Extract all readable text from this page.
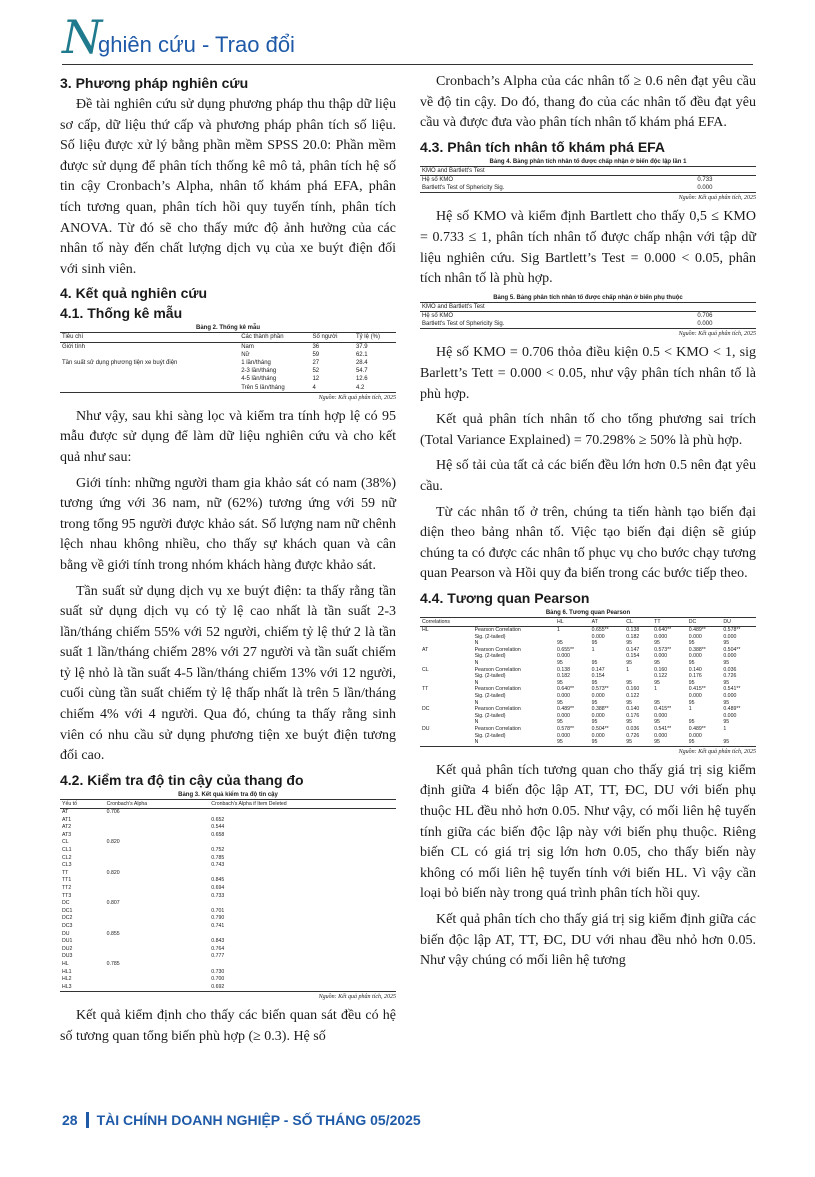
N
ghiên cứu - Trao đổi
3. Phương pháp nghiên cứu

Đề tài nghiên cứu sử dụng phương pháp thu thập dữ liệu sơ cấp, dữ liệu thứ cấp và phương pháp phân tích số liệu. Số liệu được xử lý bằng phần mềm SPSS 20.0: Phần mềm được sử dụng để phân tích thống kê mô tả, phân tích hệ số tin cậy Cronbach’s Alpha, nhân tố khám phá EFA, phân tích tương quan, phân tích hồi quy tuyến tính, phân tích ANOVA. Từ đó sẽ cho thấy mức độ ảnh hưởng của các nhân tố này đến chất lượng dịch vụ của xe buýt điện đối với sinh viên.

4. Kết quả nghiên cứu
4.1. Thống kê mẫu
Bảng 2. Thống kê mẫu
Tiêu chí	Các thành phần	Số người	Tỷ lệ (%)
Giới tính	Nam	36	37.9
	Nữ	59	62.1
Tần suất sử dụng phương tiện xe buýt điện	1 lần/tháng	27	28.4
	2-3 lần/tháng	52	54.7
	4-5 lần/tháng	12	12.6
	Trên 5 lần/tháng	4	4.2
Nguồn: Kết quả phân tích, 2025

Như vậy, sau khi sàng lọc và kiểm tra tính hợp lệ có 95 mẫu được sử dụng để làm dữ liệu nghiên cứu và cho kết quả như sau:

Giới tính: những người tham gia khảo sát có nam (38%) tương ứng với 36 nam, nữ (62%) tương ứng với 59 nữ trong tổng 95 người được khảo sát. Số lượng nam nữ chênh lệch nhau không nhiều, cho thấy sự khách quan và cân bằng về giới tính trong nhóm khách hàng được khảo sát.

Tần suất sử dụng dịch vụ xe buýt điện: ta thấy rằng tần suất sử dụng dịch vụ có tỷ lệ cao nhất là tần suất 2-3 lần/tháng chiếm 55% với 52 người, chiếm tỷ lệ thứ 2 là tần suất 1 lần/tháng chiếm 28% với 27 người và tần suất chiếm tỷ lệ nhỏ là tần suất 4-5 lần/tháng chiếm 13% với 12 người, cuối cùng tần suất chiếm tỷ lệ thấp nhất là trên 5 lần/tháng chiếm 4% với 4 người. Qua đó, chúng ta thấy rằng sinh viên có nhu cầu sử dụng phương tiện xe buýt điện tương đối cao.

4.2. Kiểm tra độ tin cậy của thang đo
Bảng 3. Kết quả kiểm tra độ tin cậy
Yếu tố	Cronbach's Alpha	Cronbach's Alpha if Item Deleted
AT	0.706	
AT1		0.652
AT2		0.544
AT3		0.658
CL	0.820	
CL1		0.752
CL2		0.785
CL3		0.743
TT	0.820	
TT1		0.845
TT2		0.694
TT3		0.733
DC	0.807	
DC1		0.701
DC2		0.790
DC3		0.741
DU	0.855	
DU1		0.843
DU2		0.764
DU3		0.777
HL	0.785	
HL1		0.730
HL2		0.700
HL3		0.692
Nguồn: Kết quả phân tích, 2025

Kết quả kiểm định cho thấy các biến quan sát đều có hệ số tương quan tổng biến phù hợp (≥ 0.3). Hệ số

Cronbach’s Alpha của các nhân tố ≥ 0.6 nên đạt yêu cầu về độ tin cậy. Do đó, thang đo của các nhân tố đều đạt yêu cầu và được đưa vào phân tích nhân tố khám phá EFA.

4.3. Phân tích nhân tố khám phá EFA
Bảng 4. Bảng phân tích nhân tố được chấp nhận ở biến độc lập lần 1
KMO and Bartlett's Test	
Hệ số KMO	0.733
Bartlett's Test of Sphericity Sig.	0.000
Nguồn: Kết quả phân tích, 2025

Hệ số KMO và kiểm định Bartlett cho thấy 0,5 ≤ KMO = 0.733 ≤ 1, phân tích nhân tố được chấp nhận với tập dữ liệu nghiên cứu. Sig Bartlett’s Test = 0.000 < 0.05, phân tích nhân tố là phù hợp.

Bảng 5. Bảng phân tích nhân tố được chấp nhận ở biến phụ thuộc
KMO and Bartlett's Test	
Hệ số KMO	0.706
Bartlett's Test of Sphericity Sig.	0.000
Nguồn: Kết quả phân tích, 2025

Hệ số KMO = 0.706 thỏa điều kiện 0.5 < KMO < 1, sig Barlett’s Tett = 0.000 < 0.05, như vậy phân tích nhân tố là phù hợp.

Kết quả phân tích nhân tố cho tổng phương sai trích (Total Variance Explained) = 70.298% ≥ 50% là phù hợp.

Hệ số tải của tất cả các biến đều lớn hơn 0.5 nên đạt yêu cầu.

Từ các nhân tố ở trên, chúng ta tiến hành tạo biến đại diện theo bảng nhân tố. Việc tạo biến đại diện sẽ giúp chúng ta có được các nhân tố phục vụ cho bước chạy tương quan Pearson và Hồi quy đa biến trong các bước tiếp theo.

4.4. Tương quan Pearson
Bảng 6. Tương quan Pearson
Correlations		HL	AT	CL	TT	DC	DU
HL	Pearson Correlation	1	0.655**	0.138	0.640**	0.489**	0.578**
	Sig. (2-tailed)		0.000	0.182	0.000	0.000	0.000
	N	95	95	95	95	95	95
AT	Pearson Correlation	0.655**	1	0.147	0.573**	0.388**	0.504**
	Sig. (2-tailed)	0.000		0.154	0.000	0.000	0.000
	N	95	95	95	95	95	95
CL	Pearson Correlation	0.138	0.147	1	0.160	0.140	0.036
	Sig. (2-tailed)	0.182	0.154		0.122	0.176	0.726
	N	95	95	95	95	95	95
TT	Pearson Correlation	0.640**	0.573**	0.160	1	0.415**	0.541**
	Sig. (2-tailed)	0.000	0.000	0.122		0.000	0.000
	N	95	95	95	95	95	95
DC	Pearson Correlation	0.489**	0.388**	0.140	0.415**	1	0.489**
	Sig. (2-tailed)	0.000	0.000	0.176	0.000		0.000
	N	95	95	95	95	95	95
DU	Pearson Correlation	0.578**	0.504**	0.036	0.541**	0.489**	1
	Sig. (2-tailed)	0.000	0.000	0.726	0.000	0.000	
	N	95	95	95	95	95	95
Nguồn: Kết quả phân tích, 2025

Kết quả phân tích tương quan cho thấy giá trị sig kiểm định giữa 4 biến độc lập AT, TT, ĐC, DU với biến phụ thuộc HL đều nhỏ hơn 0.05. Như vậy, có mối liên hệ tuyến tính giữa các biến độc lập này với biến phụ thuộc. Riêng biến CL có giá trị sig lớn hơn 0.05, cho thấy biến này không có mối liên hệ tuyến tính với biến HL. Vì vậy cần loại bỏ biến này trong quá trình phân tích hồi quy.

Kết quả phân tích cho thấy giá trị sig kiểm định giữa các biến độc lập AT, TT, ĐC, DU với nhau đều nhỏ hơn 0.05. Như vậy chúng có mối liên hệ tương

28 TÀI CHÍNH DOANH NGHIỆP - SỐ THÁNG 05/2025
